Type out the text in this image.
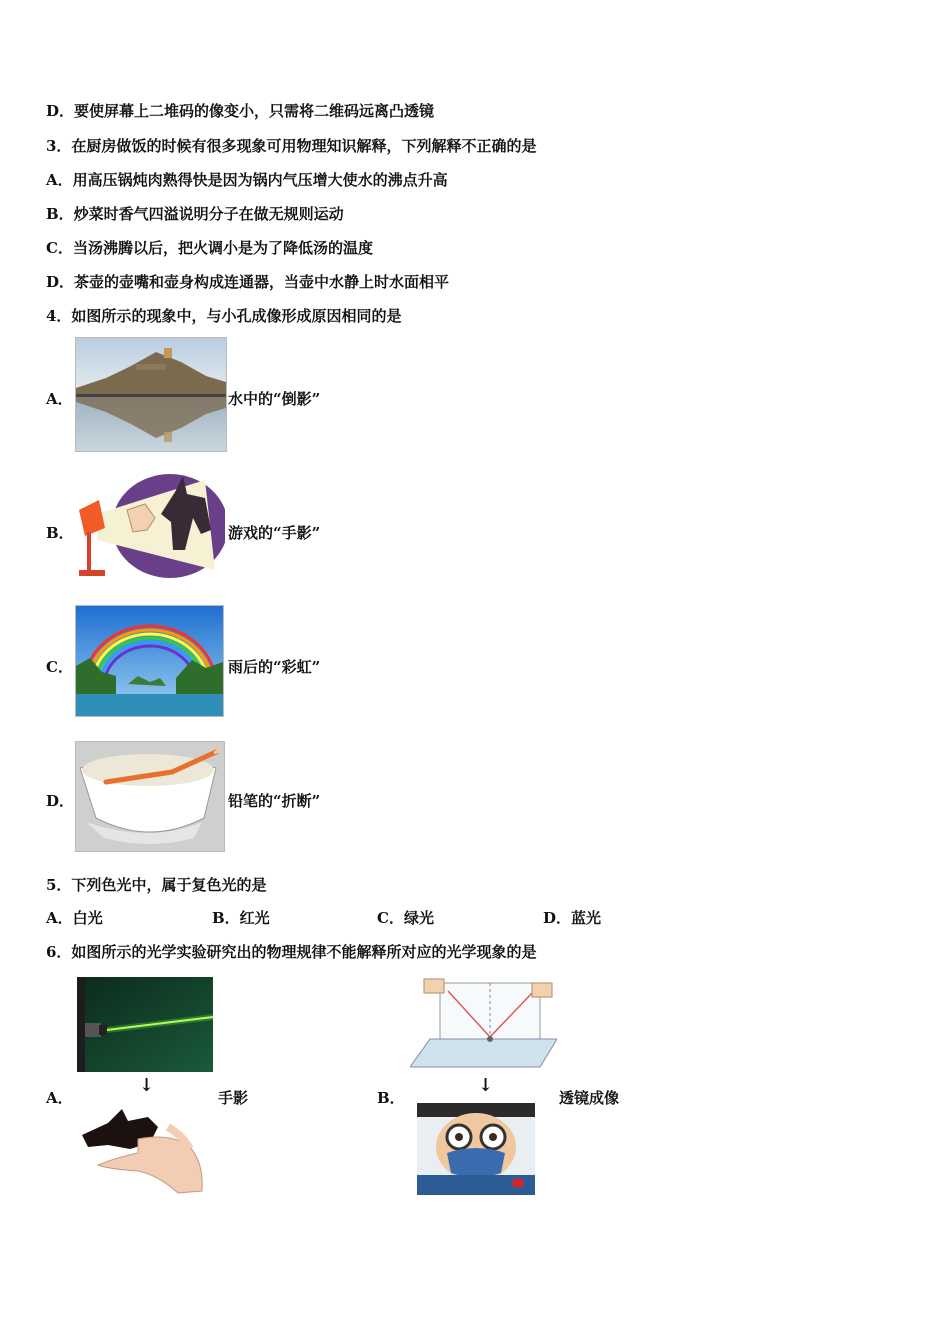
D．要使屏幕上二堆码的像变小，只需将二维码远离凸透镜
3．在厨房做饭的时候有很多现象可用物理知识解释，下列解释不正确的是
A．用高压锅炖肉熟得快是因为锅内气压增大使水的沸点升高
B．炒菜时香气四溢说明分子在做无规则运动
C．当汤沸腾以后，把火调小是为了降低汤的温度
D．茶壶的壶嘴和壶身构成连通器，当壶中水静上时水面相平
4．如图所示的现象中，与小孔成像形成原因相同的是
A．	水中的“倒影”
B．	游戏的“手影”
C．	雨后的“彩虹”
D．	铅笔的“折断”
5．下列色光中，属于复色光的是
A．白光	B．红光	C．绿光	D．蓝光
6．如图所示的光学实验研究出的物理规律不能解释所对应的光学现象的是
↓
A．	手影
↓
B．	透镜成像
